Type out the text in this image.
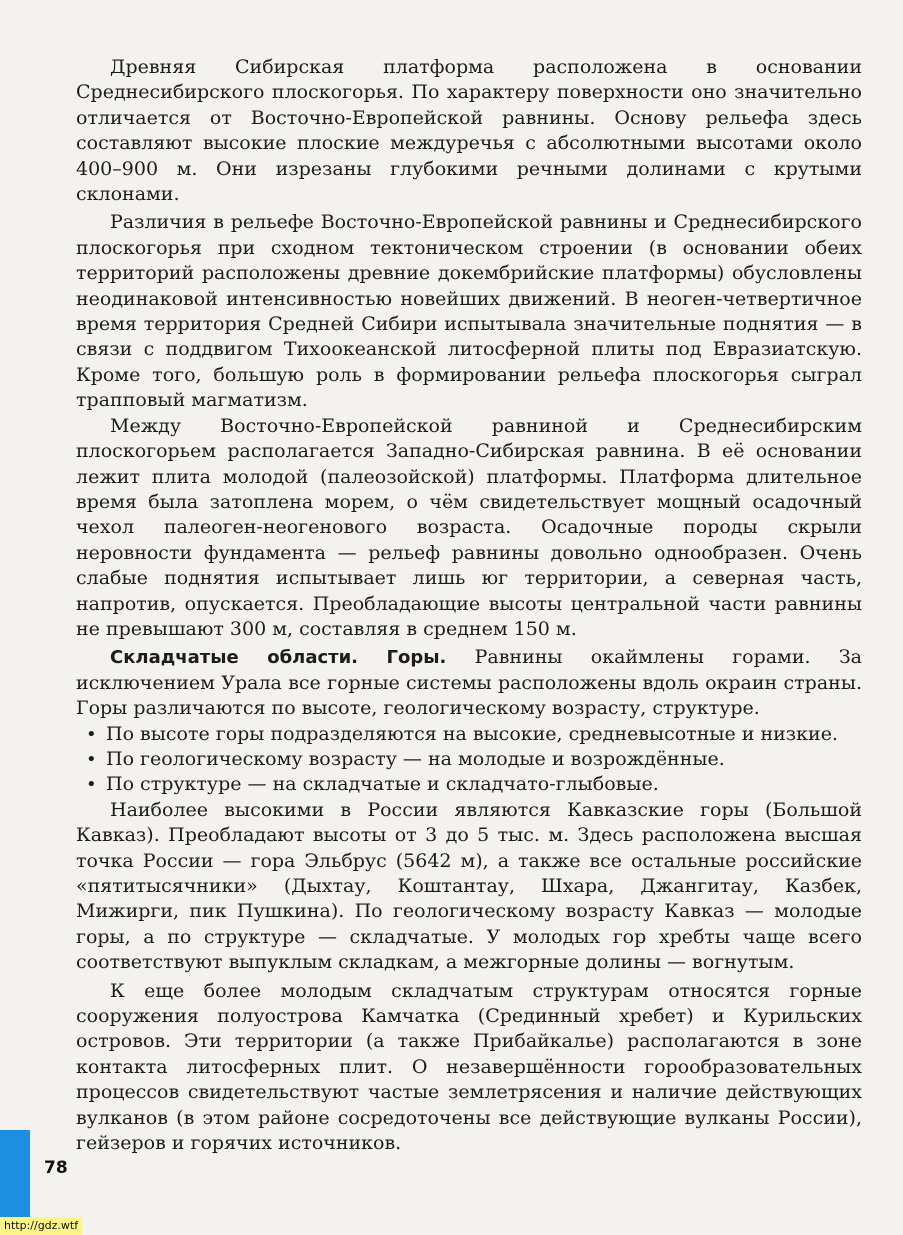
Древняя Сибирская платформа расположена в основании Среднесибирского плоскогорья. По характеру поверхности оно значительно отличается от Восточно-Европейской равнины. Основу рельефа здесь составляют высокие плоские междуречья с абсолютными высотами около 400–900 м. Они изрезаны глубокими речными долинами с крутыми склонами.

Различия в рельефе Восточно-Европейской равнины и Среднесибирского плоскогорья при сходном тектоническом строении (в основании обеих территорий расположены древние докембрийские платформы) обусловлены неодинаковой интенсивностью новейших движений. В неоген-четвертичное время территория Средней Сибири испытывала значительные поднятия — в связи с поддвигом Тихоокеанской литосферной плиты под Евразиатскую. Кроме того, большую роль в формировании рельефа плоскогорья сыграл трапповый магматизм.

Между Восточно-Европейской равниной и Среднесибирским плоскогорьем располагается Западно-Сибирская равнина. В её основании лежит плита молодой (палеозойской) платформы. Платформа длительное время была затоплена морем, о чём свидетельствует мощный осадочный чехол палеоген-неогенового возраста. Осадочные породы скрыли неровности фундамента — рельеф равнины довольно однообразен. Очень слабые поднятия испытывает лишь юг территории, а северная часть, напротив, опускается. Преобладающие высоты центральной части равнины не превышают 300 м, составляя в среднем 150 м.

Складчатые области. Горы. Равнины окаймлены горами. За исключением Урала все горные системы расположены вдоль окраин страны. Горы различаются по высоте, геологическому возрасту, структуре.

• По высоте горы подразделяются на высокие, средневысотные и низкие.
• По геологическому возрасту — на молодые и возрождённые.
• По структуре — на складчатые и складчато-глыбовые.

Наиболее высокими в России являются Кавказские горы (Большой Кавказ). Преобладают высоты от 3 до 5 тыс. м. Здесь расположена высшая точка России — гора Эльбрус (5642 м), а также все остальные российские «пятитысячники» (Дыхтау, Коштантау, Шхара, Джангитау, Казбек, Мижирги, пик Пушкина). По геологическому возрасту Кавказ — молодые горы, а по структуре — складчатые. У молодых гор хребты чаще всего соответствуют выпуклым складкам, а межгорные долины — вогнутым.

К еще более молодым складчатым структурам относятся горные сооружения полуострова Камчатка (Срединный хребет) и Курильских островов. Эти территории (а также Прибайкалье) располагаются в зоне контакта литосферных плит. О незавершённости горообразовательных процессов свидетельствуют частые землетрясения и наличие действующих вулканов (в этом районе сосредоточены все действующие вулканы России), гейзеров и горячих источников.

78
http://gdz.wtf
